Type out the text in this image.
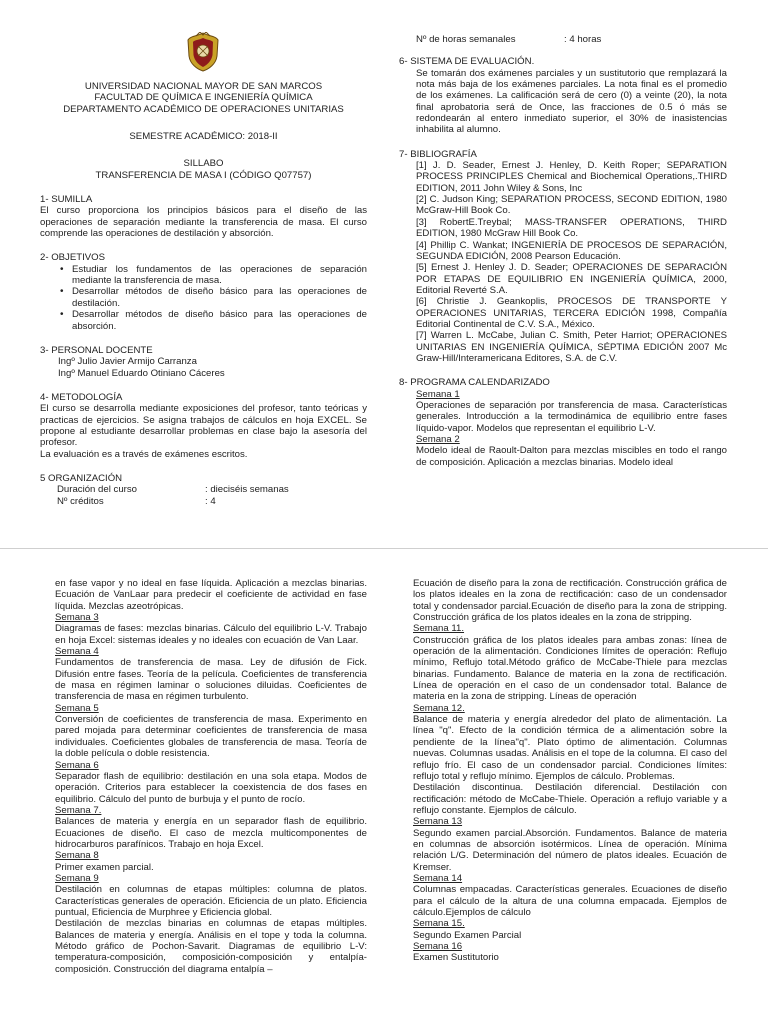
UNIVERSIDAD NACIONAL MAYOR DE SAN MARCOS

FACULTAD DE QUÍMICA E INGENIERÍA QUÍMICA

DEPARTAMENTO ACADÉMICO DE OPERACIONES UNITARIAS

SEMESTRE ACADÉMICO: 2018-II

SILLABO

TRANSFERENCIA DE MASA I (CÓDIGO Q07757)

1- SUMILLA

El curso proporciona los principios básicos para el diseño de las operaciones de separación mediante la transferencia de masa. El curso comprende las operaciones de destilación y absorción.

2- OBJETIVOS

• Estudiar los fundamentos de las operaciones de separación mediante la transferencia de masa.
• Desarrollar métodos de diseño básico para las operaciones de destilación.
• Desarrollar métodos de diseño básico para las operaciones de absorción.

3- PERSONAL DOCENTE

Ingº Julio Javier Armijo Carranza

Ingº Manuel Eduardo Otiniano Cáceres

4- METODOLOGÍA

El curso se desarrolla mediante exposiciones del profesor, tanto teóricas y practicas de ejercicios. Se asigna trabajos de cálculos en hoja EXCEL. Se propone al estudiante desarrollar problemas en clase bajo la asesoría del profesor.

La evaluación es a través de exámenes escritos.

5 ORGANIZACIÓN

Duración del curso	: dieciséis semanas
Nº créditos	: 4
Nº de horas semanales	: 4 horas

6- SISTEMA DE EVALUACIÓN.

Se tomarán dos exámenes parciales y un sustitutorio que remplazará la nota más baja de los exámenes parciales. La nota final es el promedio de los exámenes. La calificación será de cero (0) a veinte (20), la nota final aprobatoria será de Once, las fracciones de 0.5 ó más se redondearán al entero inmediato superior, el 30% de inasistencias inhabilita al alumno.

7- BIBLIOGRAFÍA

[1] J. D. Seader, Ernest J. Henley, D. Keith Roper; SEPARATION PROCESS PRINCIPLES Chemical and Biochemical Operations,.THIRD EDITION, 2011 John Wiley & Sons, Inc

[2] C. Judson King; SEPARATION PROCESS, SECOND EDITION, 1980 McGraw-Hill Book Co.

[3] RobertE.Treybal; MASS-TRANSFER OPERATIONS, THIRD EDITION, 1980 McGraw Hill Book Co.

[4] Phillip C. Wankat; INGENIERÍA DE PROCESOS DE SEPARACIÓN, SEGUNDA EDICIÓN, 2008 Pearson Educación.

[5] Ernest J. Henley J. D. Seader; OPERACIONES DE SEPARACIÓN POR ETAPAS DE EQUILIBRIO EN INGENIERÍA QUÍMICA, 2000, Editorial Reverté S.A.

[6] Christie J. Geankoplis, PROCESOS DE TRANSPORTE Y OPERACIONES UNITARIAS, TERCERA EDICIÓN 1998, Compañía Editorial Continental de C.V. S.A., México.

[7] Warren L. McCabe, Julian C. Smith, Peter Harriot; OPERACIONES UNITARIAS EN INGENIERÍA QUÍMICA, SÉPTIMA EDICIÓN 2007 Mc Graw-Hill/Interamericana Editores, S.A. de C.V.

8- PROGRAMA CALENDARIZADO

Semana 1

Operaciones de separación por transferencia de masa. Características generales. Introducción a la termodinámica de equilibrio entre fases líquido-vapor. Modelos que representan el equilibrio L-V.

Semana 2

Modelo ideal de Raoult-Dalton para mezclas miscibles en todo el rango de composición. Aplicación a mezclas binarias. Modelo ideal

en fase vapor y no ideal en fase líquida. Aplicación a mezclas binarias. Ecuación de VanLaar para predecir el coeficiente de actividad en fase líquida. Mezclas azeotrópicas.

Semana 3

Diagramas de fases: mezclas binarias. Cálculo del equilibrio L-V. Trabajo en hoja Excel: sistemas ideales y no ideales con ecuación de Van Laar.

Semana 4

Fundamentos de transferencia de masa. Ley de difusión de Fick. Difusión entre fases. Teoría de la película. Coeficientes de transferencia de masa en régimen laminar o soluciones diluidas. Coeficientes de transferencia de masa en régimen turbulento.

Semana 5

Conversión de coeficientes de transferencia de masa. Experimento en pared mojada para determinar coeficientes de transferencia de masa individuales. Coeficientes globales de transferencia de masa. Teoría de la doble película o doble resistencia.

Semana 6

Separador flash de equilibrio: destilación en una sola etapa. Modos de operación. Criterios para establecer la coexistencia de dos fases en equilibrio. Cálculo del punto de burbuja y el punto de rocío.

Semana 7.

Balances de materia y energía en un separador flash de equilibrio. Ecuaciones de diseño. El caso de mezcla multicomponentes de hidrocarburos parafínicos. Trabajo en hoja Excel.

Semana 8

Primer examen parcial.

Semana 9

Destilación en columnas de etapas múltiples: columna de platos. Características generales de operación. Eficiencia de un plato. Eficiencia puntual, Eficiencia de Murphree y Eficiencia global.

Destilación de mezclas binarias en columnas de etapas múltiples. Balances de materia y energía. Análisis en el tope y toda la columna. Método gráfico de Pochon-Savarit. Diagramas de equilibrio L-V: temperatura-composición, composición-composición y entalpía-composición. Construcción del diagrama entalpía –

Ecuación de diseño para la zona de rectificación. Construcción gráfica de los platos ideales en la zona de rectificación: caso de un condensador total y condensador parcial.Ecuación de diseño para la zona de stripping. Construcción gráfica de los platos ideales en la zona de stripping.

Semana 11.

Construcción gráfica de los platos ideales para ambas zonas: línea de operación de la alimentación. Condiciones límites de operación: Reflujo mínimo, Reflujo total.Método gráfico de McCabe-Thiele para mezclas binarias. Fundamento. Balance de materia en la zona de rectificación. Línea de operación en el caso de un condensador total. Balance de materia en la zona de stripping. Líneas de operación

Semana 12.

Balance de materia y energía alrededor del plato de alimentación. La línea "q". Efecto de la condición térmica de a alimentación sobre la pendiente de la línea"q". Plato óptimo de alimentación. Columnas nuevas. Columnas usadas. Análisis en el tope de la columna. El caso del reflujo frío. El caso de un condensador parcial. Condiciones límites: reflujo total y reflujo mínimo. Ejemplos de cálculo. Problemas.

Destilación discontinua. Destilación diferencial. Destilación con rectificación: método de McCabe-Thiele. Operación a reflujo variable y a reflujo constante. Ejemplos de cálculo.

Semana 13

Segundo examen parcial.Absorción. Fundamentos. Balance de materia en columnas de absorción isotérmicos. Línea de operación. Mínima relación L/G. Determinación del número de platos ideales. Ecuación de Kremser.

Semana 14

Columnas empacadas. Características generales. Ecuaciones de diseño para el cálculo de la altura de una columna empacada. Ejemplos de cálculo.Ejemplos de cálculo

Semana 15.

Segundo Examen Parcial

Semana 16

Examen Sustitutorio
